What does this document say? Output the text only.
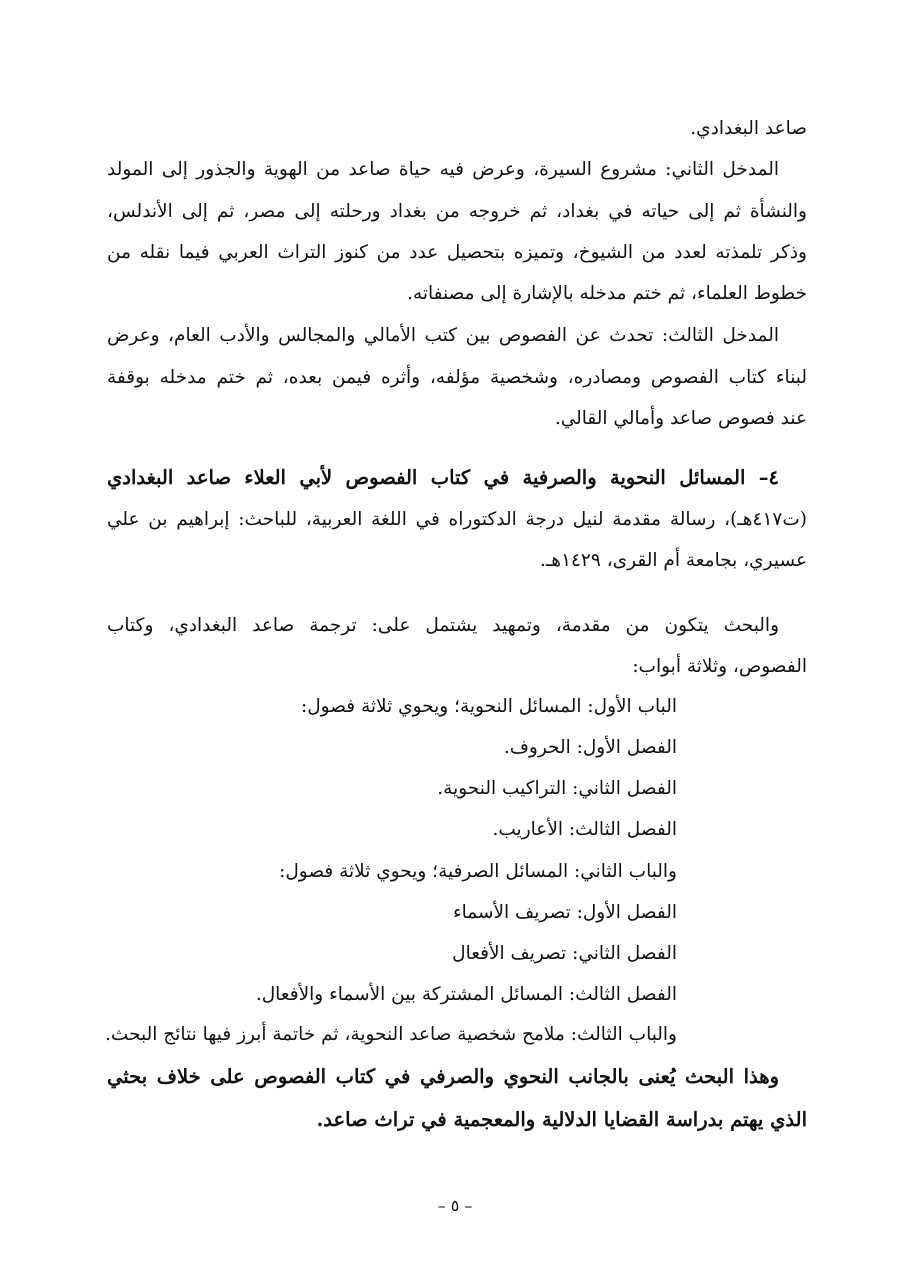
صاعد البغدادي.
المدخل الثاني: مشروع السيرة، وعرض فيه حياة صاعد من الهوية والجذور إلى المولد
والنشأة ثم إلى حياته في بغداد، ثم خروجه من بغداد ورحلته إلى مصر، ثم إلى الأندلس،
وذكر تلمذته لعدد من الشيوخ، وتميزه بتحصيل عدد من كنوز التراث العربي فيما نقله من
خطوط العلماء، ثم ختم مدخله بالإشارة إلى مصنفاته.
المدخل الثالث: تحدث عن الفصوص بين كتب الأمالي والمجالس والأدب العام، وعرض
لبناء كتاب الفصوص ومصادره، وشخصية مؤلفه، وأثره فيمن بعده، ثم ختم مدخله بوقفة
عند فصوص صاعد وأمالي القالي.
٤– المسائل النحوية والصرفية في كتاب الفصوص لأبي العلاء صاعد البغدادي
(ت٤١٧هـ)، رسالة مقدمة لنيل درجة الدكتوراه في اللغة العربية، للباحث: إبراهيم بن علي
عسيري، بجامعة أم القرى، ١٤٢٩هـ.
والبحث يتكون من مقدمة، وتمهيد يشتمل على: ترجمة صاعد البغدادي، وكتاب
الفصوص، وثلاثة أبواب:
الباب الأول: المسائل النحوية؛ ويحوي ثلاثة فصول:
الفصل الأول: الحروف.
الفصل الثاني: التراكيب النحوية.
الفصل الثالث: الأعاريب.
والباب الثاني: المسائل الصرفية؛ ويحوي ثلاثة فصول:
الفصل الأول: تصريف الأسماء
الفصل الثاني: تصريف الأفعال
الفصل الثالث: المسائل المشتركة بين الأسماء والأفعال.
والباب الثالث: ملامح شخصية صاعد النحوية، ثم خاتمة أبرز فيها نتائج البحث.
وهذا البحث يُعنى بالجانب النحوي والصرفي في كتاب الفصوص على خلاف بحثي
الذي يهتم بدراسة القضايا الدلالية والمعجمية في تراث صاعد.
– ٥ –
